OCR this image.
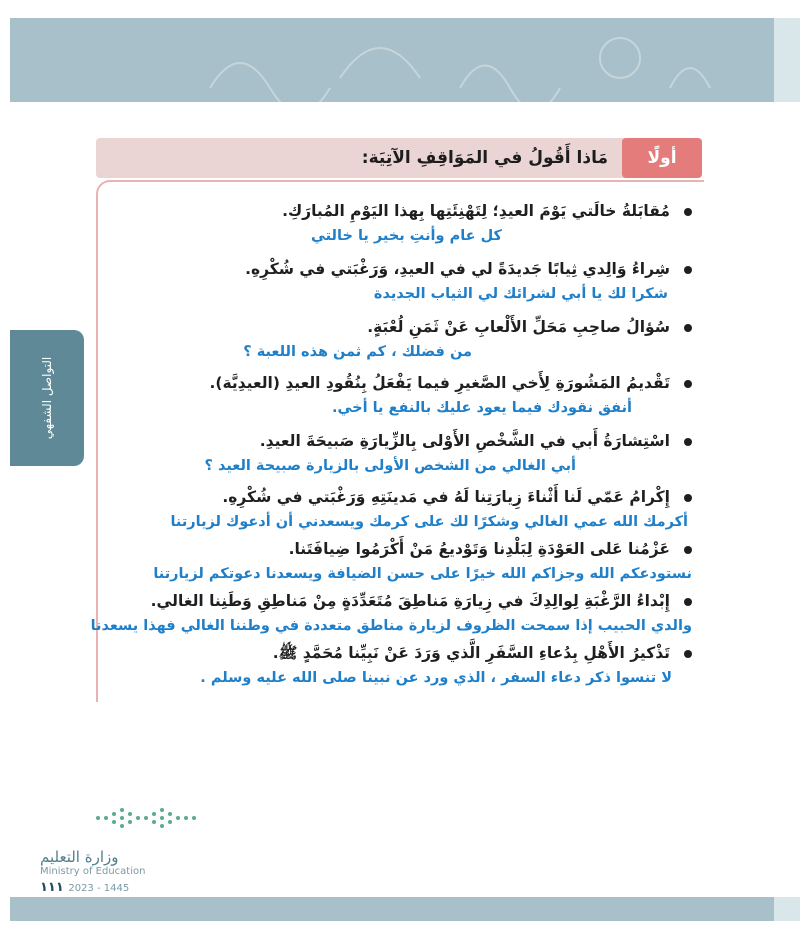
التواصل الشفهي
أولًا
مَاذا أَقُولُ في المَوَاقِفِ الآتِيَة:
مُقابَلةُ خالَتي يَوْمَ العيدِ؛ لِتَهْنِئَتِها بِهذا اليَوْمِ المُبارَكِ.
كل عام وأنتِ بخير يا خالتي
شِراءُ وَالِدي ثِيابًا جَديدَةً لي في العيدِ، وَرَغْبَتي في شُكْرِهِ.
شكرا لك يا أبي لشرائك لي الثياب الجديدة
سُؤالُ صاحِبِ مَحَلِّ الأَلْعابِ عَنْ ثَمَنِ لُعْبَةٍ.
من فضلك ، كم ثمن هذه اللعبة ؟
تَقْديمُ المَشُورَةِ لِأَخي الصَّغيرِ فيما يَفْعَلُ بِنُقُودِ العيدِ (العيدِيَّة).
أنفق نقودك فيما يعود عليك بالنفع يا أخي.
اسْتِشارَةُ أَبي في الشَّخْصِ الأَوْلى بِالزِّيارَةِ صَبيحَةَ العيدِ.
أبي الغالي من الشخص الأولى بالزيارة صبيحة العيد ؟
إِكْرامُ عَمّي لَنا أَثْناءَ زِيارَتِنا لَهُ في مَدينَتِهِ وَرَغْبَتي في شُكْرِهِ.
أكرمك الله عمي الغالي وشكرًا لك على كرمك ويسعدني أن أدعوك لزيارتنا
عَزْمُنا عَلى العَوْدَةِ لِبَلْدِنا وَتَوْديعُ مَنْ أَكْرَمُوا ضِيافَتَنا.
نستودعكم الله وجزاكم الله خيرًا على حسن الضيافة ويسعدنا دعوتكم لزيارتنا
إِبْداءُ الرَّغْبَةِ لِوالِدِكَ في زِيارَةِ مَناطِقَ مُتَعَدِّدَةٍ مِنْ مَناطِقِ وَطَنِنا الغالي.
والدي الحبيب إذا سمحت الظروف لزيارة مناطق متعددة في وطننا الغالي فهذا يسعدنا
تَذْكيرُ الأَهْلِ بِدُعاءِ السَّفَرِ الَّذي وَرَدَ عَنْ نَبِيِّنا مُحَمَّدٍ ﷺ.
لا تنسوا ذكر دعاء السفر ، الذي ورد عن نبينا صلى الله عليه وسلم .
وزارة التعليم
Ministry of Education
١١١ 2023 - 1445
